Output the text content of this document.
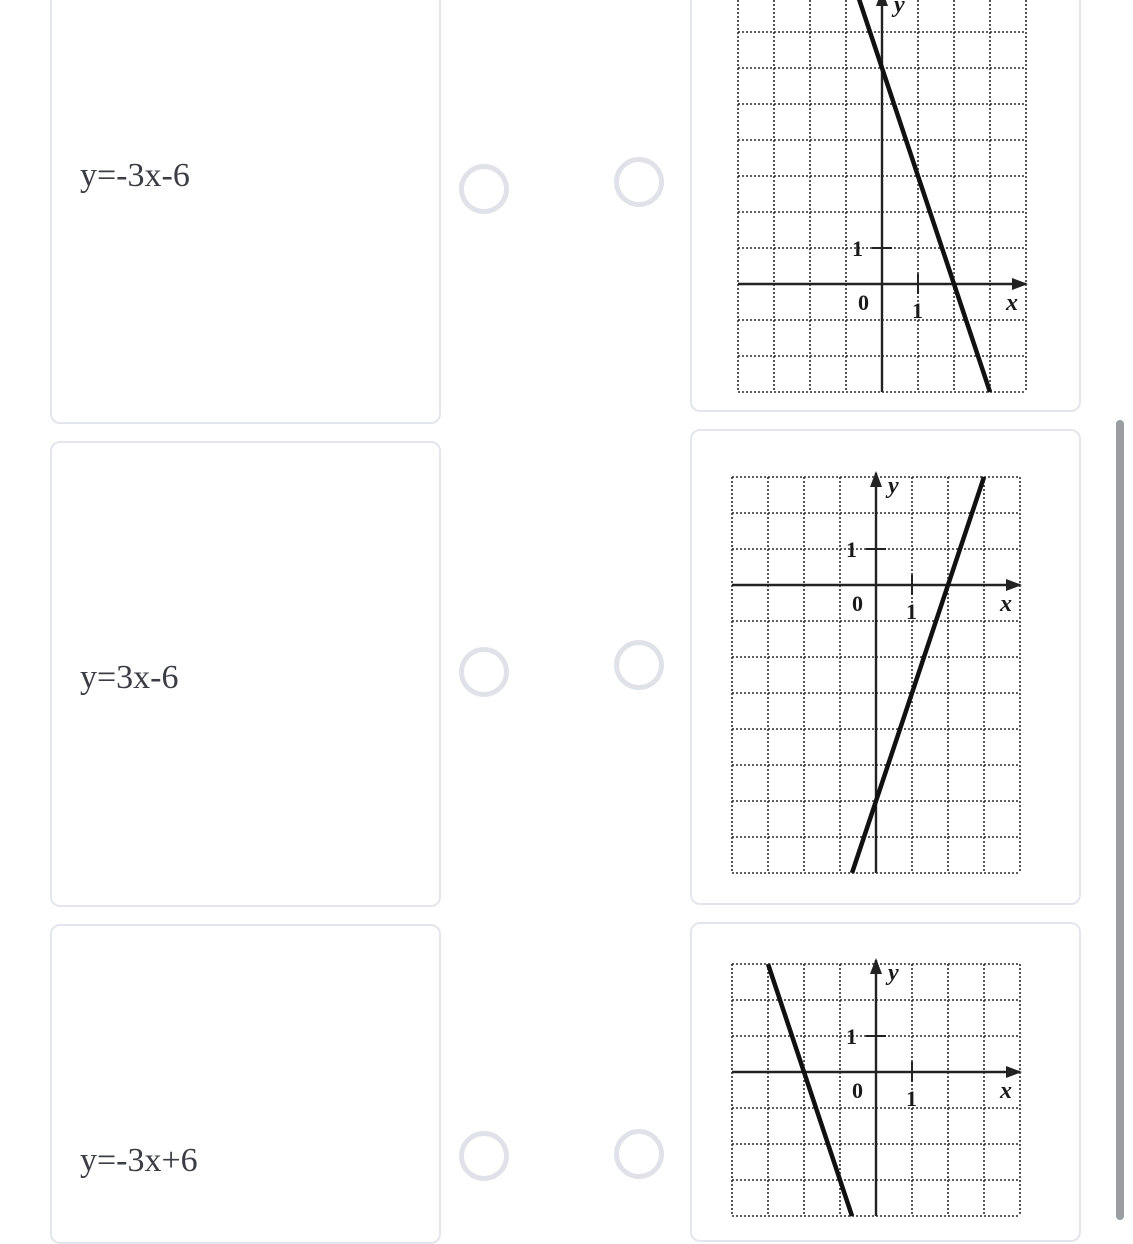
y=-3x-6
0 1
1
x
y
y=3x-6
0 1
1
x
y
y=-3x+6
0 1
1
x
y
